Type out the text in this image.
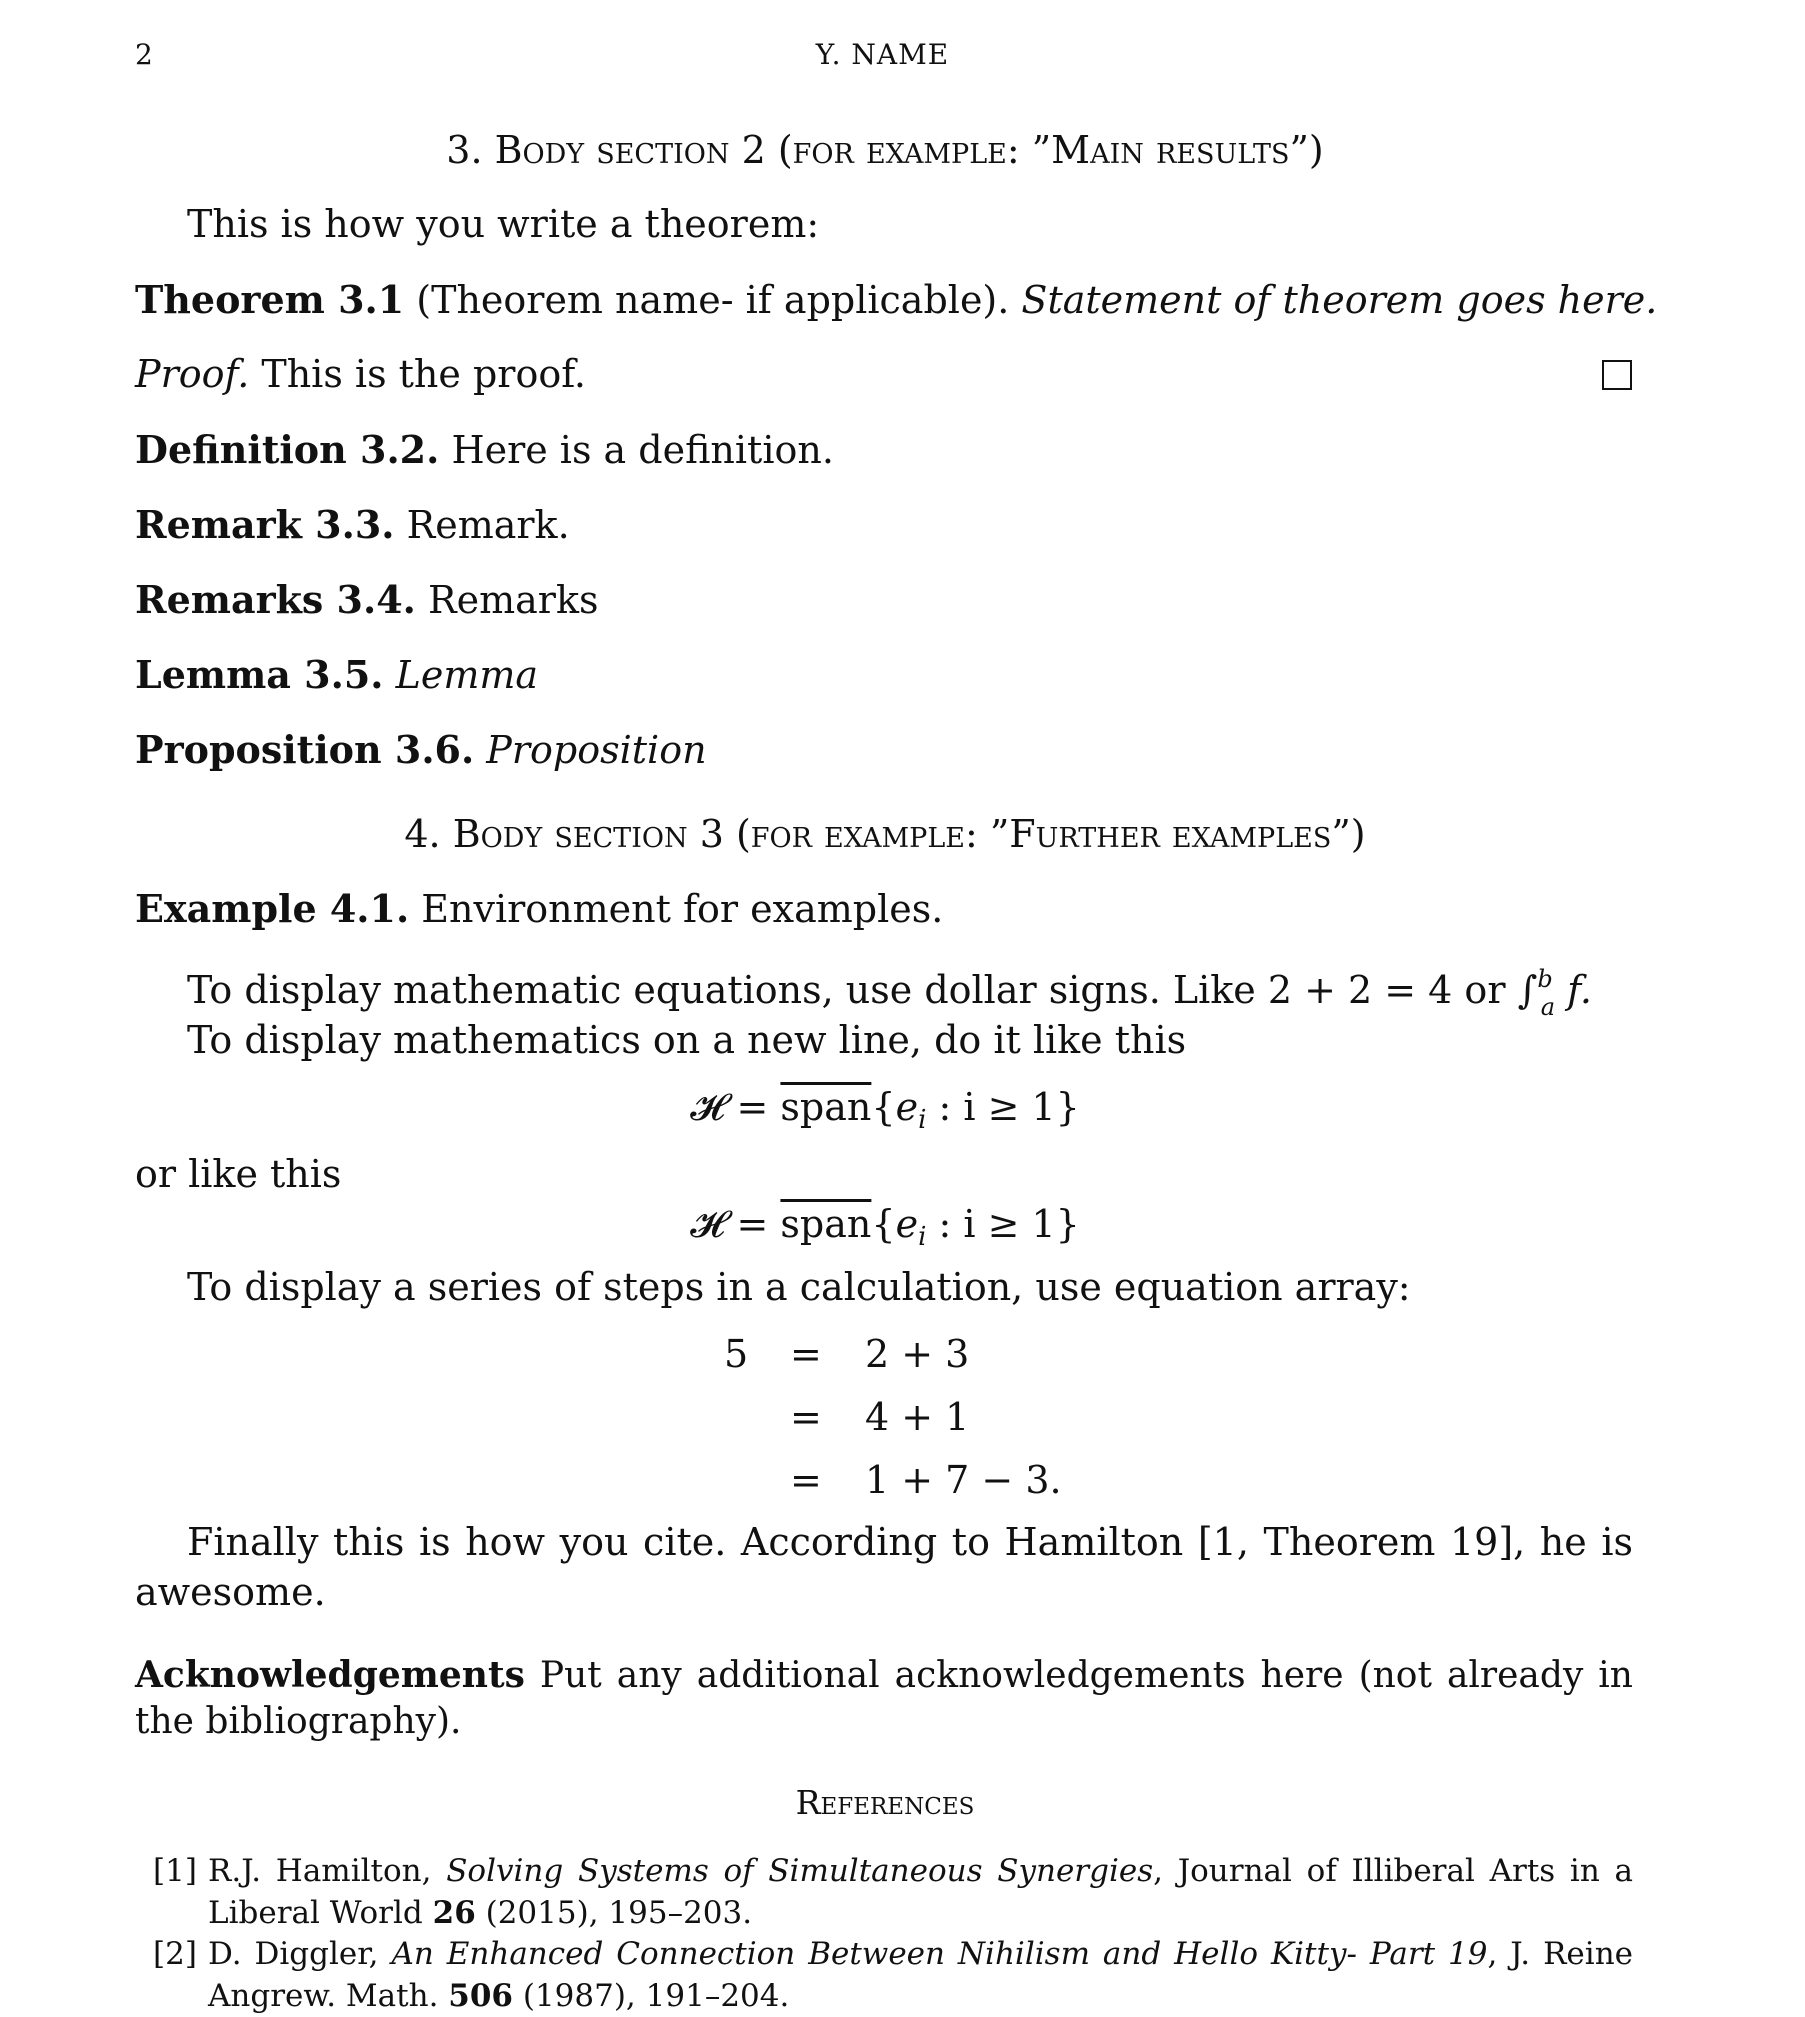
2	Y. NAME
3. Body section 2 (for example: ”Main results”)
This is how you write a theorem:
Theorem 3.1 (Theorem name- if applicable). Statement of theorem goes here.
Proof. This is the proof.
Definition 3.2. Here is a definition.
Remark 3.3. Remark.
Remarks 3.4. Remarks
Lemma 3.5. Lemma
Proposition 3.6. Proposition
4. Body section 3 (for example: ”Further examples”)
Example 4.1. Environment for examples.
To display mathematic equations, use dollar signs. Like 2 + 2 = 4 or ∫$^b_a$ f.
To display mathematics on a new line, do it like this
𝓗 = $span\{e_i$ : i ≥ 1}
or like this
𝓗 = $span\{e_i$ : i ≥ 1}
To display a series of steps in a calculation, use equation array:
5 = 2 + 3
= 4 + 1
= 1 + 7 − 3.
Finally this is how you cite. According to Hamilton [1, Theorem 19], he is awesome.
Acknowledgements Put any additional acknowledgements here (not already in the bibliography).
References
[1] R.J. Hamilton, Solving Systems of Simultaneous Synergies, Journal of Illiberal Arts in a Liberal World 26 (2015), 195–203.
[2] D. Diggler, An Enhanced Connection Between Nihilism and Hello Kitty- Part 19, J. Reine Angrew. Math. 506 (1987), 191–204.
